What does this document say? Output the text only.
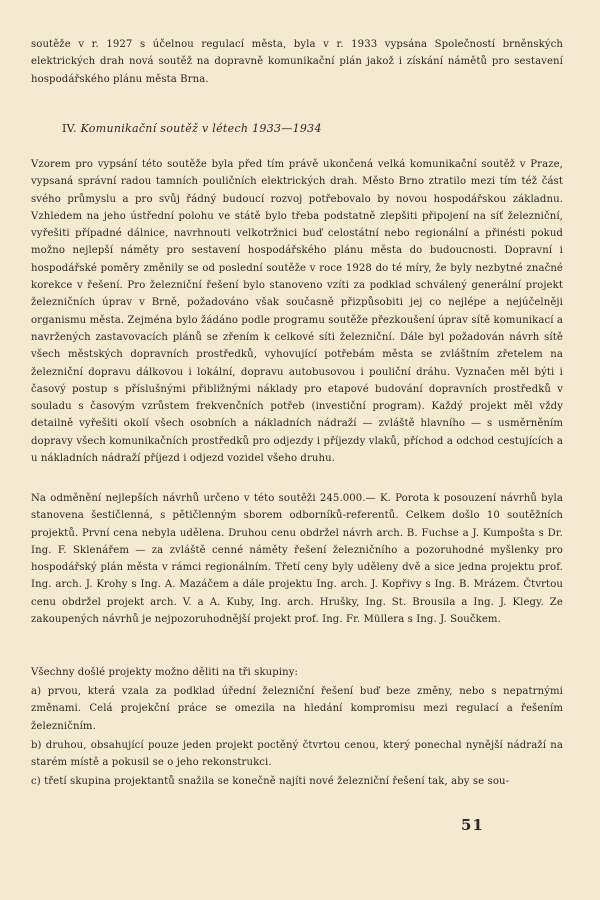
soutěže v r. 1927 s účelnou regulací města, byla v r. 1933 vypsána Společností brněnských elektrických drah nová soutěž na dopravně komunikační plán jakož i získání námětů pro sestavení hospodářského plánu města Brna.

IV. Komunikační soutěž v létech 1933—1934

Vzorem pro vypsání této soutěže byla před tím právě ukončená velká komunikační soutěž v Praze, vypsaná správní radou tamních pouličních elektrických drah. Město Brno ztratilo mezi tím též část svého průmyslu a pro svůj řádný budoucí rozvoj potřebovalo by novou hospodářskou základnu. Vzhledem na jeho ústřední polohu ve státě bylo třeba podstatně zlepšiti připojení na síť železniční, vyřešiti případné dálnice, navrhnouti velkotržnici buď celostátní nebo regionální a přinésti pokud možno nejlepší náměty pro sestavení hospodářského plánu města do budoucnosti. Dopravní i hospodářské poměry změnily se od poslední soutěže v roce 1928 do té míry, že byly nezbytné značné korekce v řešení. Pro železniční řešení bylo stanoveno vzíti za podklad schválený generální projekt železničních úprav v Brně, požadováno však současně přizpůsobiti jej co nejlépe a nejúčelněji organismu města. Zejména bylo žádáno podle programu soutěže přezkoušení úprav sítě komunikací a navržených zastavovacích plánů se zřením k celkové síti železniční. Dále byl požadován návrh sítě všech městských dopravních prostředků, vyhovující potřebám města se zvláštním zřetelem na železniční dopravu dálkovou i lokální, dopravu autobusovou i pouliční dráhu. Vyznačen měl býti i časový postup s příslušnými přibližnými náklady pro etapové budování dopravních prostředků v souladu s časovým vzrůstem frekvenčních potřeb (investiční program). Každý projekt měl vždy detailně vyřešiti okolí všech osobních a nákladních nádraží — zvláště hlavního — s usměrněním dopravy všech komunikačních prostředků pro odjezdy i příjezdy vlaků, příchod a odchod cestujících a u nákladních nádraží příjezd i odjezd vozidel všeho druhu.

Na odměnění nejlepších návrhů určeno v této soutěži 245.000.— K. Porota k posouzení návrhů byla stanovena šestičlenná, s pětičlenným sborem odborníků-referentů. Celkem došlo 10 soutěžních projektů. První cena nebyla udělena. Druhou cenu obdržel návrh arch. B. Fuchse a J. Kumpošta s Dr. Ing. F. Sklenářem — za zvláště cenné náměty řešení železničního a pozoruhodné myšlenky pro hospodářský plán města v rámci regionálním. Třetí ceny byly uděleny dvě a sice jedna projektu prof. Ing. arch. J. Krohy s Ing. A. Mazáčem a dále projektu Ing. arch. J. Kopřivy s Ing. B. Mrázem. Čtvrtou cenu obdržel projekt arch. V. a A. Kuby, Ing. arch. Hrušky, Ing. St. Brousila a Ing. J. Klegy. Ze zakoupených návrhů je nejpozoruhodnější projekt prof. Ing. Fr. Müllera s Ing. J. Součkem.

Všechny došlé projekty možno děliti na tři skupiny:

a) prvou, která vzala za podklad úřední železniční řešení buď beze změny, nebo s nepatrnými změnami. Celá projekční práce se omezila na hledání kompromisu mezi regulací a řešením železničním.

b) druhou, obsahující pouze jeden projekt poctěný čtvrtou cenou, který ponechal nynější nádraží na starém místě a pokusil se o jeho rekonstrukci.

c) třetí skupina projektantů snažila se konečně najíti nové železniční řešení tak, aby se sou-

51
